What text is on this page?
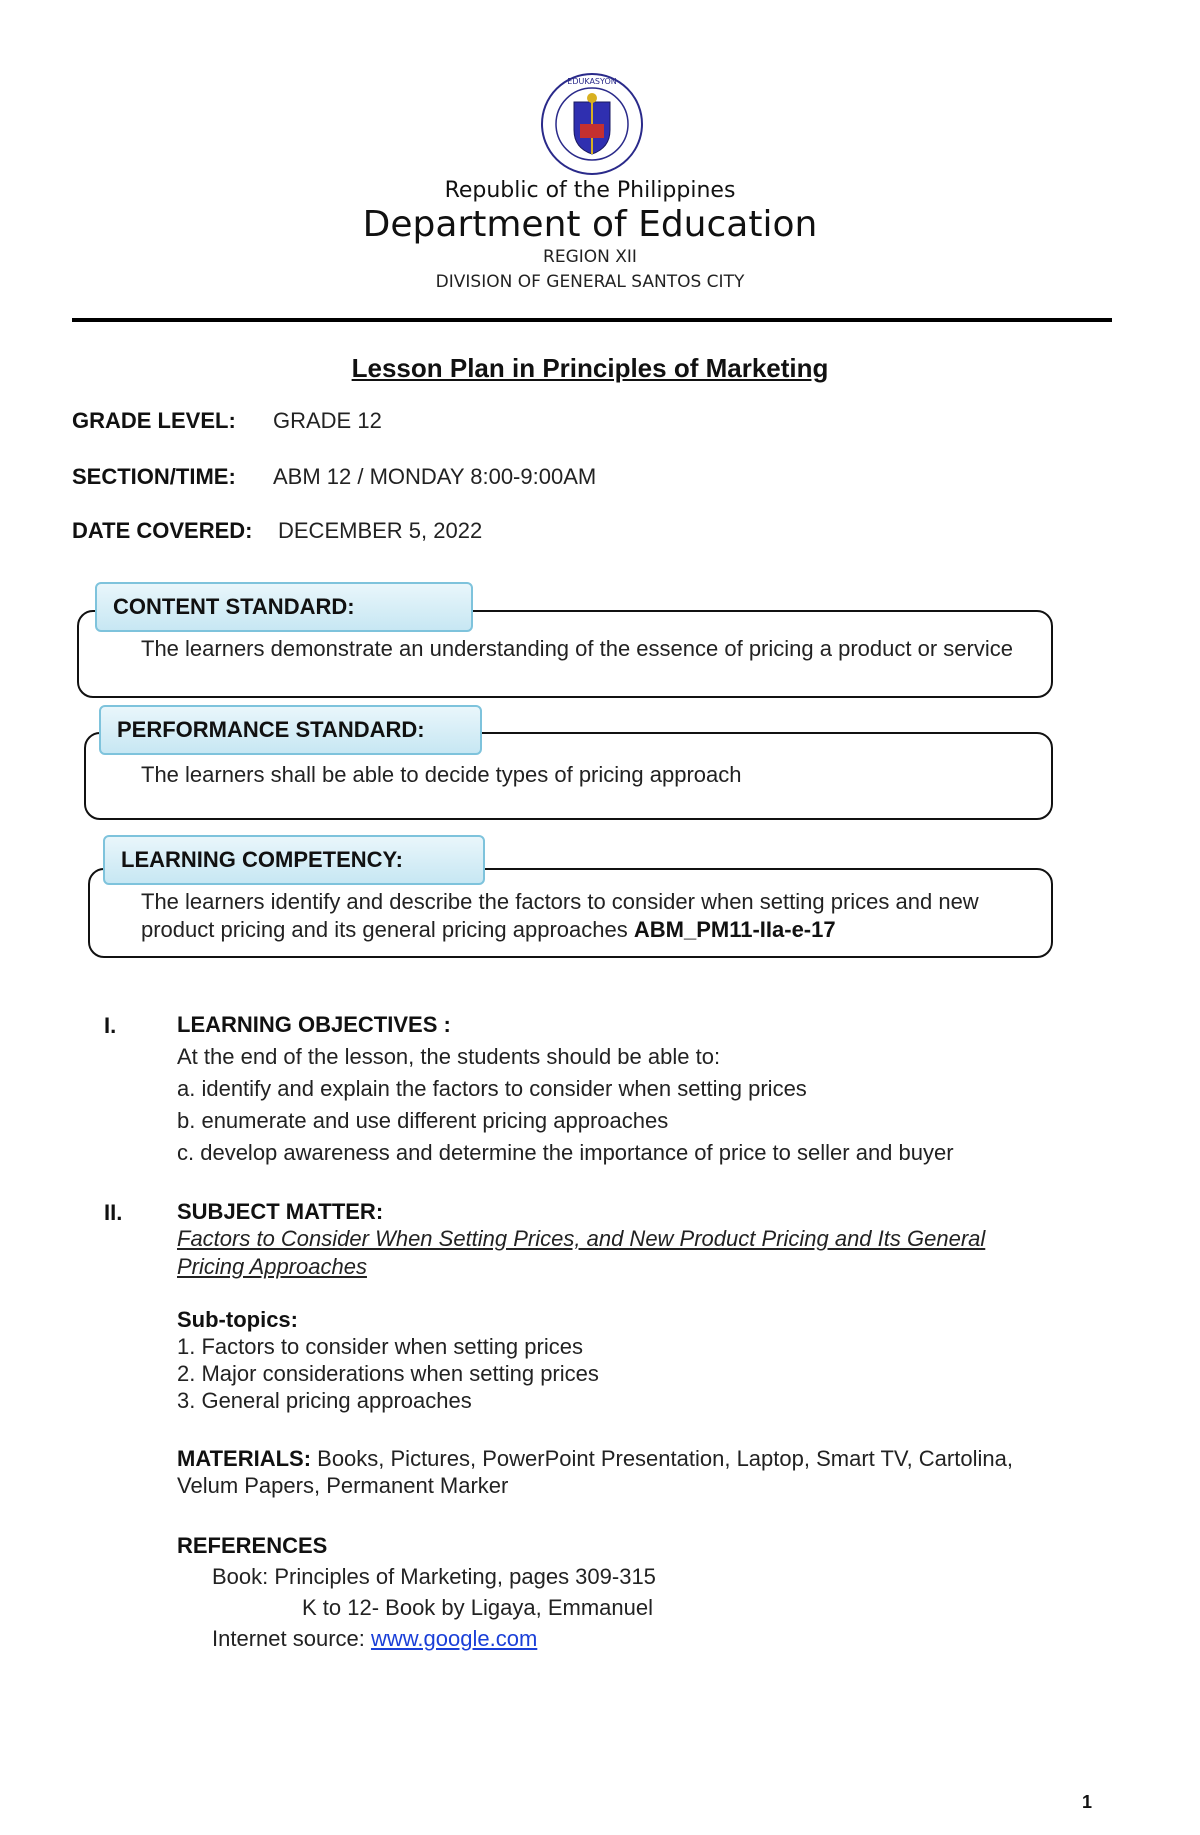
EDUKASYON
Republic of the Philippines
Department of Education
REGION XII
DIVISION OF GENERAL SANTOS CITY
Lesson Plan in Principles of Marketing
GRADE LEVEL: GRADE 12
SECTION/TIME: ABM 12 / MONDAY 8:00-9:00AM
DATE COVERED: DECEMBER 5, 2022
CONTENT STANDARD:
The learners demonstrate an understanding of the essence of pricing a product or service
PERFORMANCE STANDARD:
The learners shall be able to decide types of pricing approach
LEARNING COMPETENCY:
The learners identify and describe the factors to consider when setting prices and new
product pricing and its general pricing approaches ABM_PM11-IIa-e-17
I.	LEARNING OBJECTIVES :
At the end of the lesson, the students should be able to:
a. identify and explain the factors to consider when setting prices
b. enumerate and use different pricing approaches
c. develop awareness and determine the importance of price to seller and buyer
II. SUBJECT MATTER:
Factors to Consider When Setting Prices, and New Product Pricing and Its General
Pricing Approaches
Sub-topics:
1. Factors to consider when setting prices
2. Major considerations when setting prices
3. General pricing approaches
MATERIALS: Books, Pictures, PowerPoint Presentation, Laptop, Smart TV, Cartolina,
Velum Papers, Permanent Marker
REFERENCES
Book: Principles of Marketing, pages 309-315
K to 12- Book by Ligaya, Emmanuel
Internet source: www.google.com
1
